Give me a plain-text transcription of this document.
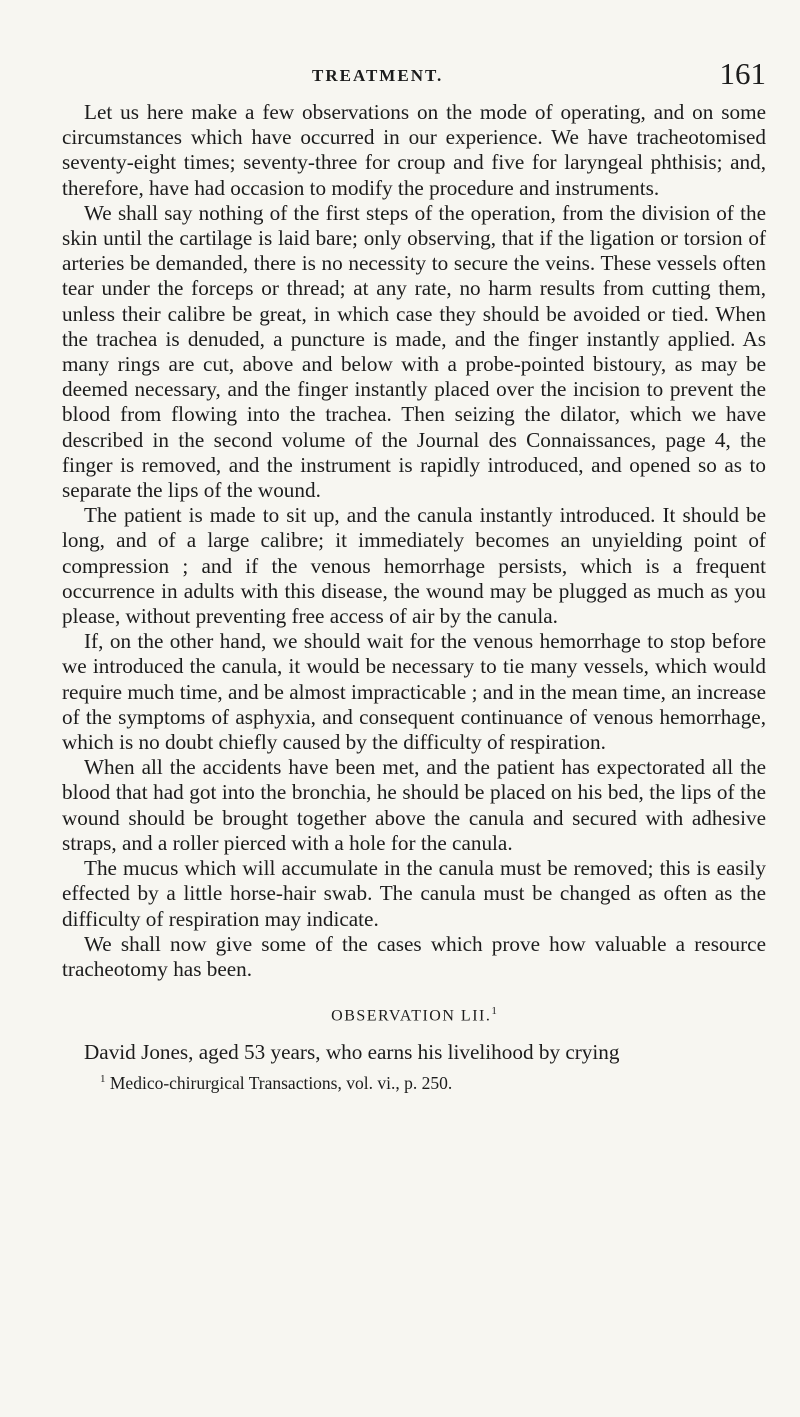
TREATMENT.	161

Let us here make a few observations on the mode of operating, and on some circumstances which have occurred in our experience. We have tracheotomised seventy-eight times; seventy-three for croup and five for laryngeal phthisis; and, therefore, have had occasion to modify the procedure and instruments.

We shall say nothing of the first steps of the operation, from the division of the skin until the cartilage is laid bare; only observing, that if the ligation or torsion of arteries be demanded, there is no necessity to secure the veins. These vessels often tear under the forceps or thread; at any rate, no harm results from cutting them, unless their calibre be great, in which case they should be avoided or tied. When the trachea is denuded, a puncture is made, and the finger instantly applied. As many rings are cut, above and below with a probe-pointed bistoury, as may be deemed necessary, and the finger instantly placed over the incision to prevent the blood from flowing into the trachea. Then seizing the dilator, which we have described in the second volume of the Journal des Connaissances, page 4, the finger is removed, and the instrument is rapidly introduced, and opened so as to separate the lips of the wound.

The patient is made to sit up, and the canula instantly introduced. It should be long, and of a large calibre; it immediately becomes an unyielding point of compression ; and if the venous hemorrhage persists, which is a frequent occurrence in adults with this disease, the wound may be plugged as much as you please, without preventing free access of air by the canula.

If, on the other hand, we should wait for the venous hemorrhage to stop before we introduced the canula, it would be necessary to tie many vessels, which would require much time, and be almost impracticable ; and in the mean time, an increase of the symptoms of asphyxia, and consequent continuance of venous hemorrhage, which is no doubt chiefly caused by the difficulty of respiration.

When all the accidents have been met, and the patient has expectorated all the blood that had got into the bronchia, he should be placed on his bed, the lips of the wound should be brought together above the canula and secured with adhesive straps, and a roller pierced with a hole for the canula.

The mucus which will accumulate in the canula must be removed; this is easily effected by a little horse-hair swab. The canula must be changed as often as the difficulty of respiration may indicate.

We shall now give some of the cases which prove how valuable a resource tracheotomy has been.

OBSERVATION LII.$^1$

David Jones, aged 53 years, who earns his livelihood by crying

$^1$ Medico-chirurgical Transactions, vol. vi., p. 250.
